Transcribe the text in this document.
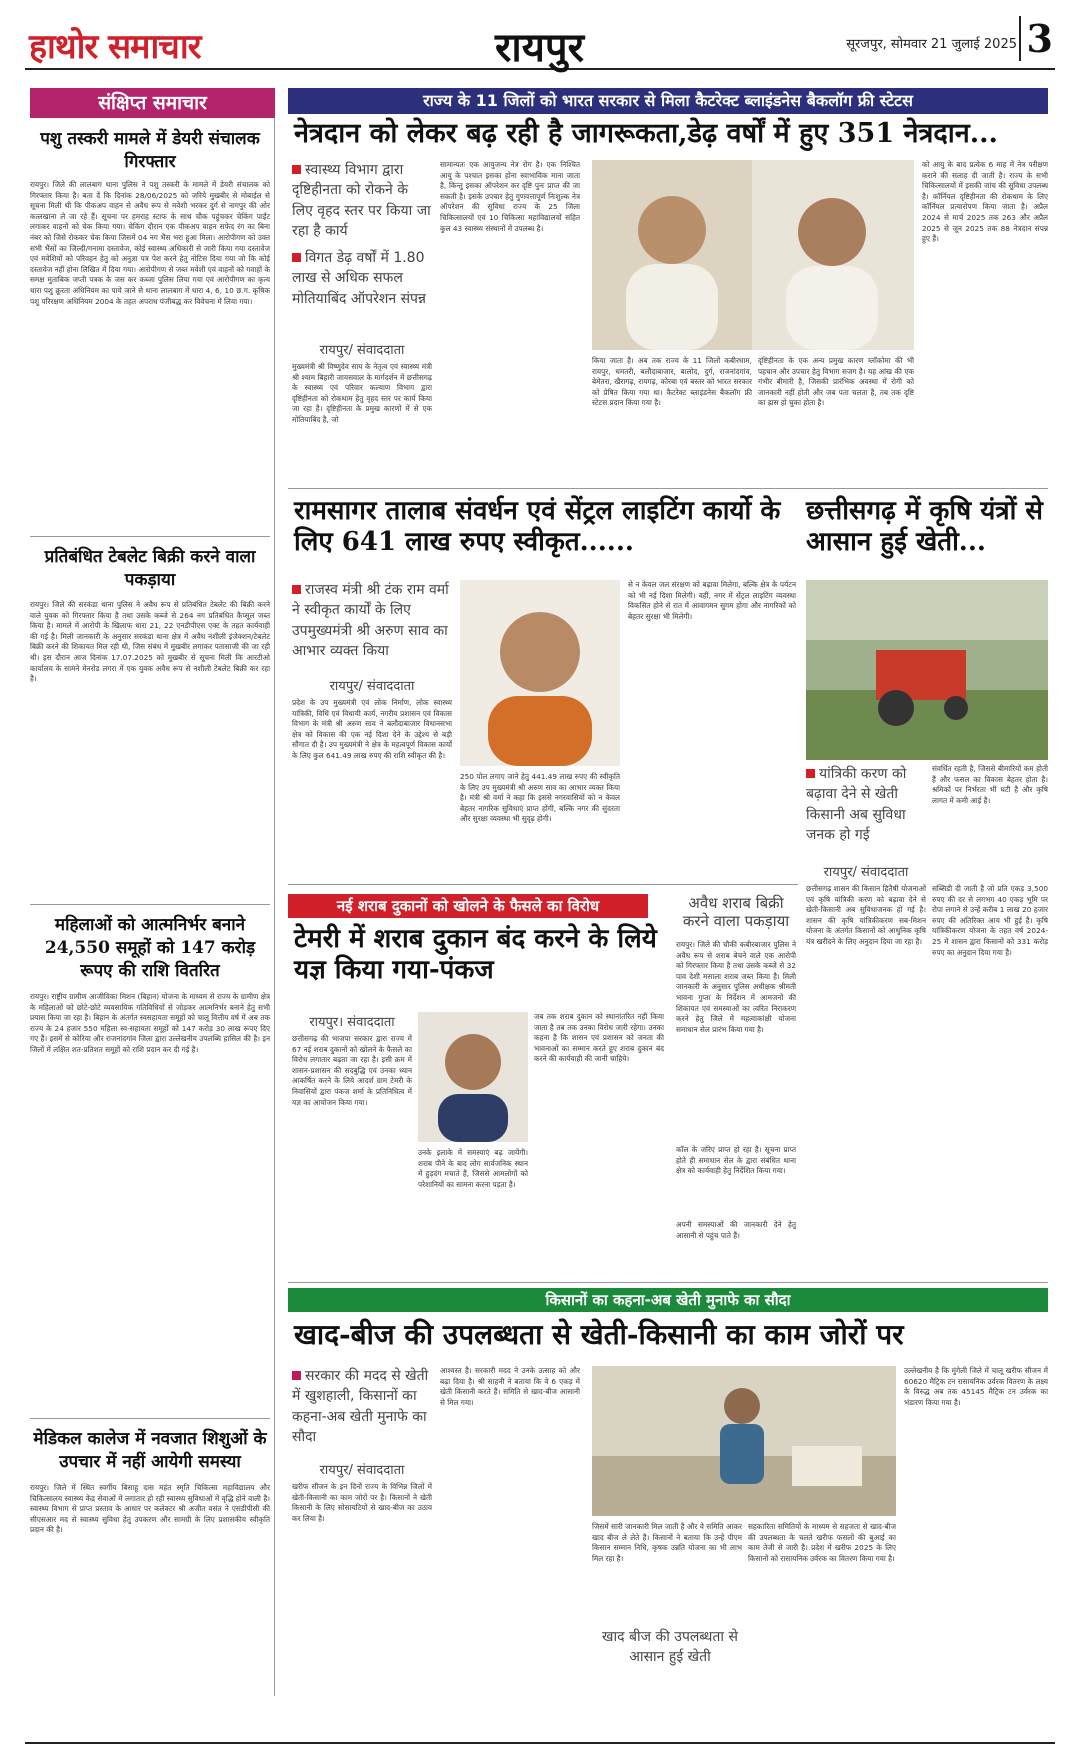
हाथोर समाचार	रायपुर	सूरजपुर, सोमवार 21 जुलाई 2025 3
संक्षिप्त समाचार
पशु तस्करी मामले में डेयरी संचालक गिरफ्तार
रायपुर। जिले की लालबाग थाना पुलिस ने पशु तस्करी के मामले में डेयरी संचालक को गिरफ्तार किया है। बता दें कि दिनांक 28/06/2025 को जरिये मुखबीर से मोबाईल से सूचना मिली थी कि पीकअप वाहन से अवैध रूप से मवेशी भरकर दुर्ग से नागपुर की ओर कत्लखाना ले जा रहे हैं। सूचना पर हमराह स्टाफ के साथ चौक पहुंचकर चेकिंग पाईंट लगाकर वाहनों को चेक किया गया। चेकिंग दौरान एक पीकअप वाहन सफेद रंग का बिना नंबर को जिसे रोककर चेक किया जिसमें 04 नग भैंस भरा हुआ मिला। आरोपीगण को उक्त सभी भैंसों का जिल्दी/गनामा दस्तावेज, कोई स्वास्थ्य अधिकारी से जारी किया गया दस्तावेज एवं मवेशियों को परिवहन हेतु को अनुज्ञा पत्र पेश करने हेतु नोटिस दिया गया जो कि कोई दस्तावेज नहीं होना लिखित में दिया गया। आरोपीगण से जब्त मवेशी एवं वाहनों को गवाहों के समक्ष मुताबिक जप्ती पत्रक के जस कर कब्जा पुलिस लिया गया एवं आरोपीगण का कृत्य धारा पशु क्रूरता अधिनियम का पाये जाने से थाना लालबाग में धारा 4, 6, 10 छ.ग. कृषिक पशु परिरक्षण अधिनियम 2004 के तहत अपराध पंजीबद्ध कर विवेचना में लिया गया।
प्रतिबंधित टेबलेट बिक्री करने वाला पकड़ाया
रायपुर। जिले की सरकंडा थाना पुलिस ने अवैध रूप से प्रतिबंधित टेबलेट की बिक्री करने वाले युवक को गिरफ्तार किया है तथा उसके कब्जे से 264 नग प्रतिबंधित कैप्सूल जब्त किया है। मामले में आरोपी के खिलाफ धारा 21, 22 एनडीपीएस एक्ट के तहत कार्यवाही की गई है। मिली जानकारी के अनुसार सरकंडा थाना क्षेत्र में अवैध नशीली इंजेक्शन/टेबलेट बिक्री करने की शिकायत मिल रही थी, जिस संबंध में मुखबीर लगाकर पतासाजी की जा रही थी। इस दौरान आज दिनांक 17.07.2025 को मुखबीर से सूचना मिली कि आरटीओ कार्यालय के सामने मेनरोड लगरा में एक युवक अवैध रूप से नशीली टेबलेट बिक्री कर रहा है।
महिलाओं को आत्मनिर्भर बनाने 24,550 समूहों को 147 करोड़ रूपए की राशि वितरित
रायपुर। राष्ट्रीय ग्रामीण आजीविका मिशन (बिहान) योजना के माध्यम से राज्य के ग्रामीण क्षेत्र के महिलाओं को छोटे-छोटे व्यवसायिक गतिविधियों से जोड़कर आत्मनिर्भर बनाने हेतु सभी प्रयास किया जा रहा है। बिहान के अंतर्गत स्वसहायता समूहों को चालू वित्तीय वर्ष में अब तक राज्य के 24 हजार 550 महिला स्व-सहायता समूहों को 147 करोड़ 30 लाख रूपए दिए गए हैं। इसमें से कोरिया और राजनांदगांव जिला द्वारा उल्लेखनीय उपलब्धि हासिल की है। इन जिलों में लक्षित शत-प्रतिशत समूहों को राशि प्रदान कर दी गई है।
मेडिकल कालेज में नवजात शिशुओं के उपचार में नहीं आयेगी समस्या
रायपुर। जिले में स्थित स्वर्गीय बिसाहू दास महंत स्मृति चिकित्सा महाविद्यालय और चिकित्सालय स्वास्थ्य केंद्र सेवाओं में लगातार हो रही स्वास्थ्य सुविधाओं में वृद्धि होने वाली है। स्वास्थ्य विभाग से प्राप्त प्रस्ताव के आधार पर कलेक्टर श्री अजीत वसंत ने एसडीपीसी की सीएसआर मद से स्वास्थ्य सुविधा हेतु उपकरण और सामग्री के लिए प्रशासकीय स्वीकृति प्रदान की है।
राज्य के 11 जिलों को भारत सरकार से मिला कैटरेक्ट ब्लाइंडनेस बैकलॉग फ्री स्टेटस
नेत्रदान को लेकर बढ़ रही है जागरूकता,डेढ़ वर्षों में हुए 351 नेत्रदान...
स्वास्थ्य विभाग द्वारा दृष्टिहीनता को रोकने के लिए वृहद स्तर पर किया जा रहा है कार्य
विगत डेढ़ वर्षों में 1.80 लाख से अधिक सफल मोतियाबिंद ऑपरेशन संपन्न
रायपुर/ संवाददाता
मुख्यमंत्री श्री विष्णुदेव साय के नेतृत्व एवं स्वास्थ्य मंत्री श्री श्याम बिहारी जायसवाल के मार्गदर्शन में छत्तीसगढ़ के स्वास्थ्य एवं परिवार कल्याण विभाग द्वारा दृष्टिहीनता को रोकथाम हेतु वृहद स्तर पर कार्य किया जा रहा है। दृष्टिहीनता के प्रमुख कारणों में से एक मोतियाबिंद है, जो
सामान्यतः एक आयुजन्य नेत्र रोग है। एक निश्चित आयु के पश्चात इसका होना स्वाभाविक माना जाता है, किन्तु इसका ऑपरेशन कर दृष्टि पुनः प्राप्त की जा सकती है। इसके उपचार हेतु गुणवत्तापूर्ण निःशुल्क नेत्र ऑपरेशन की सुविधा राज्य के 25 जिला चिकित्सालयों एवं 10 चिकित्सा महाविद्यालयों सहित कुल 43 स्वास्थ्य संस्थानों में उपलब्ध है।
किया जाता है। अब तक राज्य के 11 जिलों कबीरधाम, रायपुर, धमतरी, बलौदाबाजार, बालोद, दुर्ग, राजनांदगांव, बेमेतरा, खैरागढ़, रायगढ़, कोरबा एवं बस्तर को भारत सरकार को प्रेषित किया गया था। कैटरेक्ट ब्लाइंडनेस बैकलॉग फ्री स्टेटस प्रदान किया गया है।
दृष्टिहीनता के एक अन्य प्रमुख कारण ग्लॉकोमा की भी पहचान और उपचार हेतु विभाग सजग है। यह आंख की एक गंभीर बीमारी है, जिसकी प्रारंभिक अवस्था में रोगी को जानकारी नहीं होती और जब पता चलता है, तब तक दृष्टि का ह्रास हो चुका होता है।
को आयु के बाद प्रत्येक 6 माह में नेत्र परीक्षण कराने की सलाह दी जाती है। राज्य के सभी चिकित्सालयों में इसकी जांच की सुविधा उपलब्ध है। कॉर्नियल दृष्टिहीनता की रोकथाम के लिए कॉर्नियल प्रत्यारोपण किया जाता है। अप्रैल 2024 से मार्च 2025 तक 263 और अप्रैल 2025 से जून 2025 तक 88 नेत्रदान संपन्न हुए हैं।
रामसागर तालाब संवर्धन एवं सेंट्रल लाइटिंग कार्यो के लिए 641 लाख रुपए स्वीकृत......
राजस्व मंत्री श्री टंक राम वर्मा ने स्वीकृत कार्यों के लिए उपमुख्यमंत्री श्री अरुण साव का आभार व्यक्त किया
रायपुर/ संवाददाता
प्रदेश के उप मुख्यमंत्री एवं लोक निर्माण, लोक स्वास्थ्य यांत्रिकी, विधि एवं विधायी कार्य, नगरीय प्रशासन एवं विकास विभाग के मंत्री श्री अरुण साव ने बलौदाबाजार विधानसभा क्षेत्र को विकास की एक नई दिशा देने के उद्देश्य से बड़ी सौगात दी है। उप मुख्यमंत्री ने क्षेत्र के महत्वपूर्ण विकास कार्यों के लिए कुल 641.49 लाख रुपए की राशि स्वीकृत की है।
250 पोल लगाए जाने हेतु 441.49 लाख रुपए की स्वीकृति के लिए उप मुख्यमंत्री श्री अरुण साव का आभार व्यक्त किया है। मंत्री श्री वर्मा ने कहा कि इससे नगरवासियों को न केवल बेहतर नागरिक सुविधाएं प्राप्त होंगी, बल्कि नगर की सुंदरता और सुरक्षा व्यवस्था भी सुदृढ़ होगी।
से न केवल जल संरक्षण को बढ़ावा मिलेगा, बल्कि क्षेत्र के पर्यटन को भी नई दिशा मिलेगी। वहीं, नगर में सेंट्रल लाइटिंग व्यवस्था विकसित होने से रात में आवागमन सुगम होगा और नागरिकों को बेहतर सुरक्षा भी मिलेगी।
छत्तीसगढ़ में कृषि यंत्रों से आसान हुई खेती...
यांत्रिकी करण को बढ़ावा देने से खेती किसानी अब सुविधा जनक हो गई
रायपुर/ संवाददाता
संवर्धित रहती है, जिससे बीमारियों कम होती हैं और फसल का विकास बेहतर होता है। श्रमिकों पर निर्भरता भी घटी है और कृषि लागत में कमी आई है।
छत्तीसगढ़ शासन की किसान हितैषी योजनाओं एवं कृषि यांत्रिकी करण को बढ़ावा देने से खेती-किसानी अब सुविधाजनक हो गई है। शासन की कृषि यांत्रिकीकरण सब-मिशन योजना के अंतर्गत किसानों को आधुनिक कृषि यंत्र खरीदने के लिए अनुदान दिया जा रहा है।
सब्सिडी दी जाती है जो प्रति एकड़ 3,500 रुपए की दर से लगभग 40 एकड़ भूमि पर रोपा लगाने से उन्हें करीब 1 लाख 20 हजार रुपए की अतिरिक्त आय भी हुई है। कृषि यांत्रिकीकरण योजना के तहत वर्ष 2024-25 में शासन द्वारा किसानों को 331 करोड़ रुपए का अनुदान दिया गया है।
नई शराब दुकानों को खोलने के फैसले का विरोध
टेमरी में शराब दुकान बंद करने के लिये यज्ञ किया गया-पंकज
रायपुर। संवाददाता
छत्तीसगढ़ की भाजपा सरकार द्वारा राज्य में 67 नई शराब दुकानों को खोलने के फैसले का विरोध लगातार बढ़ता जा रहा है। इसी क्रम में शासन-प्रशासन की सदबुद्धि एवं उनका ध्यान आकर्षित करने के लिये आदर्श ग्राम टेमरी के निवासियों द्वारा पंकज शर्मा के प्रतिनिधित्व में यज्ञ का आयोजन किया गया।
उनके इलाके में समस्याएं बढ़ जायेंगी। शराब पीने के बाद लोग सार्वजनिक स्थान में हुड़दंग मचाते हैं, जिससे आमलोगों को परेशानियों का सामना करना पड़ता है।
जब तक शराब दुकान को स्थानांतरित नहीं किया जाता है तब तक उनका विरोध जारी रहेगा। उनका कहना है कि शासन एवं प्रशासन को जनता की भावनाओं का सम्मान करते हुए शराब दुकान बंद करने की कार्यवाही की जानी चाहिये।
अवैध शराब बिक्री करने वाला पकड़ाया
रायपुर। जिले की चौकी कबीरबाजार पुलिस ने अवैध रूप से शराब बेचने वाले एक आरोपी को गिरफ्तार किया है तथा उसके कब्जे से 32 पाव देशी मसाला शराब जब्त किया है। मिली जानकारी के अनुसार पुलिस अधीक्षक श्रीमती भावना गुप्ता के निर्देशन में आमजनों की शिकायत एवं समस्याओं का त्वरित निराकरण करने हेतु जिले में महत्वाकांक्षी योजना समाधान सेल प्रारंभ किया गया है।
कॉल के जरिए प्राप्त हो रहा है। सूचना प्राप्त होते ही समाधान सेल के द्वारा संबंधित थाना क्षेत्र को कार्यवाही हेतु निर्देशित किया गया।
अपनी समस्याओं की जानकारी देने हेतु आसानी से पहुंच पाते हैं।
किसानों का कहना-अब खेती मुनाफे का सौदा
खाद-बीज की उपलब्धता से खेती-किसानी का काम जोरों पर
सरकार की मदद से खेती में खुशहाली, किसानों का कहना-अब खेती मुनाफे का सौदा
रायपुर/ संवाददाता
खरीफ सीजन के इन दिनों राज्य के विभिन्न जिलों में खेती-किसानी का काम जोरों पर है। किसानों ने खेती किसानी के लिए सोसायटियों से खाद-बीज का उठाव कर लिया है।
आश्वस्त है। सरकारी मदद ने उनके उत्साह को और बढ़ा दिया है। श्री साहनी ने बताया कि वे 6 एकड़ में खेती किसानी करते हैं। समिति से खाद-बीज आसानी से मिल गया।
जिसमें सारी जानकारी मिल जाती है और वे समिति आकर खाद बीज ले लेते हैं। किसानों ने बताया कि उन्हें पीएम किसान सम्मान निधि, कृषक उन्नति योजना का भी लाभ मिल रहा है।
सहकारिता समितियों के माध्यम से सहजता से खाद-बीज की उपलब्धता के चलते खरीफ फसलों की बुआई का काम तेजी से जारी है। प्रदेश में खरीफ 2025 के लिए किसानों को रासायनिक उर्वरक का वितरण किया गया है।
खाद बीज की उपलब्धता से आसान हुई खेती
उल्लेखनीय है कि मुंगेली जिले में चालू खरीफ सीजन में 60620 मैट्रिक टन रासायनिक उर्वरक वितरण के लक्ष्य के विरुद्ध अब तक 45145 मैट्रिक टन उर्वरक का भंडारण किया गया है।
